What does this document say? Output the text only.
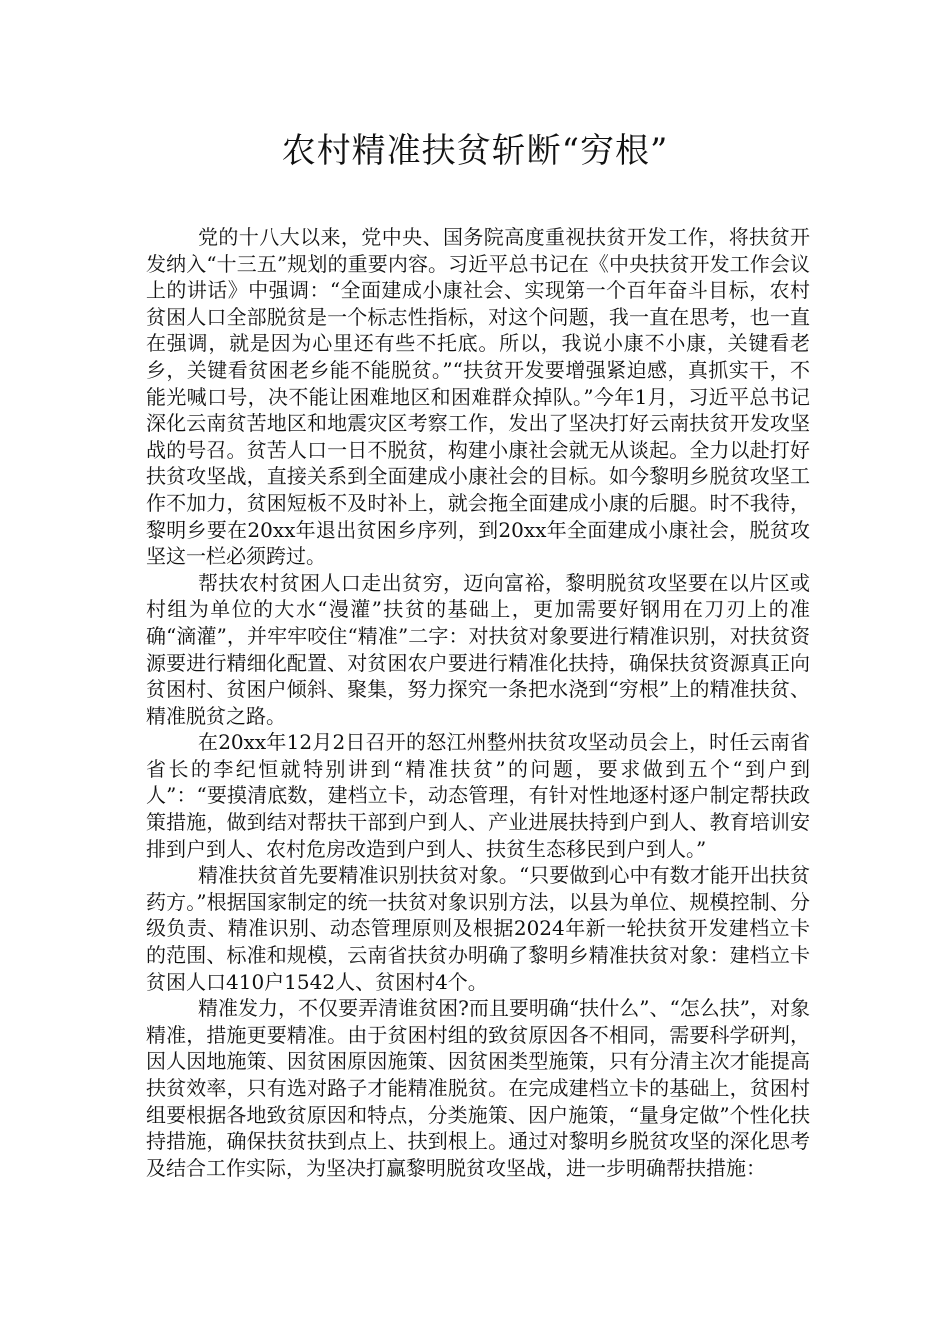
农村精准扶贫斩断“穷根”

党的十八大以来，党中央、国务院高度重视扶贫开发工作，将扶贫开发纳入“十三五”规划的重要内容。习近平总书记在《中央扶贫开发工作会议上的讲话》中强调：“全面建成小康社会、实现第一个百年奋斗目标，农村贫困人口全部脱贫是一个标志性指标，对这个问题，我一直在思考，也一直在强调，就是因为心里还有些不托底。所以，我说小康不小康，关键看老乡，关键看贫困老乡能不能脱贫。”“扶贫开发要增强紧迫感，真抓实干，不能光喊口号，决不能让困难地区和困难群众掉队。”今年1月，习近平总书记深化云南贫苦地区和地震灾区考察工作，发出了坚决打好云南扶贫开发攻坚战的号召。贫苦人口一日不脱贫，构建小康社会就无从谈起。全力以赴打好扶贫攻坚战，直接关系到全面建成小康社会的目标。如今黎明乡脱贫攻坚工作不加力，贫困短板不及时补上，就会拖全面建成小康的后腿。时不我待，黎明乡要在20xx年退出贫困乡序列，到20xx年全面建成小康社会，脱贫攻坚这一栏必须跨过。

帮扶农村贫困人口走出贫穷，迈向富裕，黎明脱贫攻坚要在以片区或村组为单位的大水“漫灌”扶贫的基础上，更加需要好钢用在刀刃上的准确“滴灌”，并牢牢咬住“精准”二字：对扶贫对象要进行精准识别，对扶贫资源要进行精细化配置、对贫困农户要进行精准化扶持，确保扶贫资源真正向贫困村、贫困户倾斜、聚集，努力探究一条把水浇到“穷根”上的精准扶贫、精准脱贫之路。

在20xx年12月2日召开的怒江州整州扶贫攻坚动员会上，时任云南省省长的李纪恒就特别讲到“精准扶贫”的问题，要求做到五个“到户到人”：“要摸清底数，建档立卡，动态管理，有针对性地逐村逐户制定帮扶政策措施，做到结对帮扶干部到户到人、产业进展扶持到户到人、教育培训安排到户到人、农村危房改造到户到人、扶贫生态移民到户到人。”

精准扶贫首先要精准识别扶贫对象。“只要做到心中有数才能开出扶贫药方。”根据国家制定的统一扶贫对象识别方法，以县为单位、规模控制、分级负责、精准识别、动态管理原则及根据2024年新一轮扶贫开发建档立卡的范围、标准和规模，云南省扶贫办明确了黎明乡精准扶贫对象：建档立卡贫困人口410户1542人、贫困村4个。

精准发力，不仅要弄清谁贫困?而且要明确“扶什么”、“怎么扶”，对象精准，措施更要精准。由于贫困村组的致贫原因各不相同，需要科学研判，因人因地施策、因贫困原因施策、因贫困类型施策，只有分清主次才能提高扶贫效率，只有选对路子才能精准脱贫。在完成建档立卡的基础上，贫困村组要根据各地致贫原因和特点，分类施策、因户施策，“量身定做”个性化扶持措施，确保扶贫扶到点上、扶到根上。通过对黎明乡脱贫攻坚的深化思考及结合工作实际，为坚决打赢黎明脱贫攻坚战，进一步明确帮扶措施：
